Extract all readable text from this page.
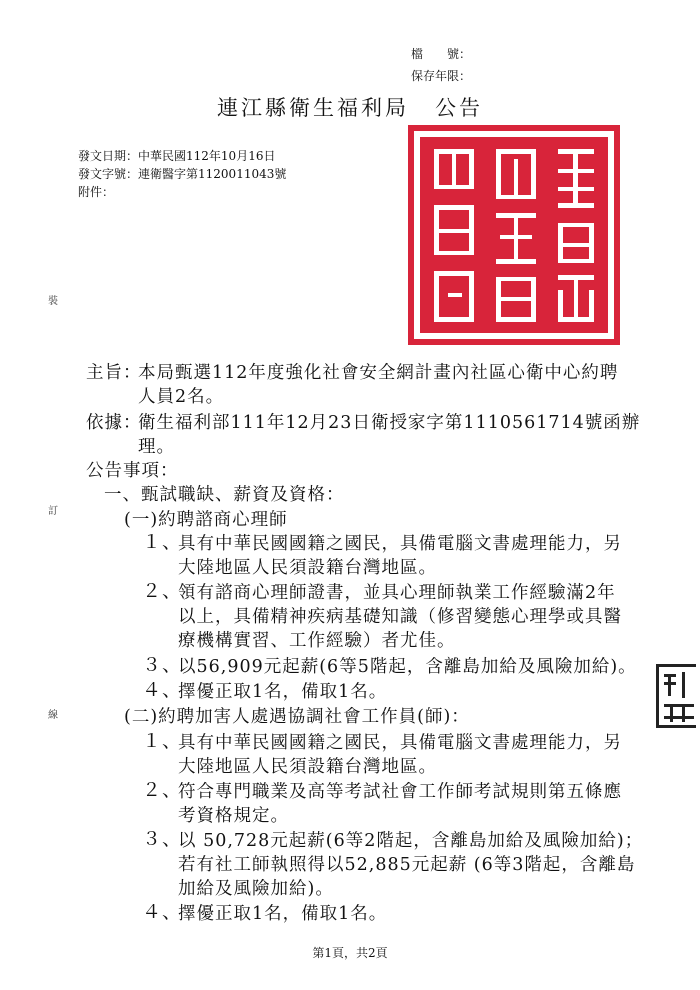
檔　　號：
保存年限：
連江縣衛生福利局 公告
發文日期：中華民國112年10月16日
發文字號：連衛醫字第1120011043號
附件：
裝
訂
線
主旨：
本局甄選112年度強化社會安全網計畫內社區心衛中心約聘
人員2名。
依據：
衛生福利部111年12月23日衛授家字第1110561714號函辦
理。
公告事項：
一、甄試職缺、薪資及資格：
(一)約聘諮商心理師
１、
具有中華民國國籍之國民，具備電腦文書處理能力，另
大陸地區人民須設籍台灣地區。
２、
領有諮商心理師證書，並具心理師執業工作經驗滿2年
以上，具備精神疾病基礎知識（修習變態心理學或具醫
療機構實習、工作經驗）者尤佳。
３、
以56,909元起薪(6等5階起，含離島加給及風險加給)。
４、
擇優正取1名，備取1名。
(二)約聘加害人處遇協調社會工作員(師)：
１、
具有中華民國國籍之國民，具備電腦文書處理能力，另
大陸地區人民須設籍台灣地區。
２、
符合專門職業及高等考試社會工作師考試規則第五條應
考資格規定。
３、
以 50,728元起薪(6等2階起，含離島加給及風險加給)；
若有社工師執照得以52,885元起薪 (6等3階起，含離島
加給及風險加給)。
４、
擇優正取1名，備取1名。
第1頁，共2頁
